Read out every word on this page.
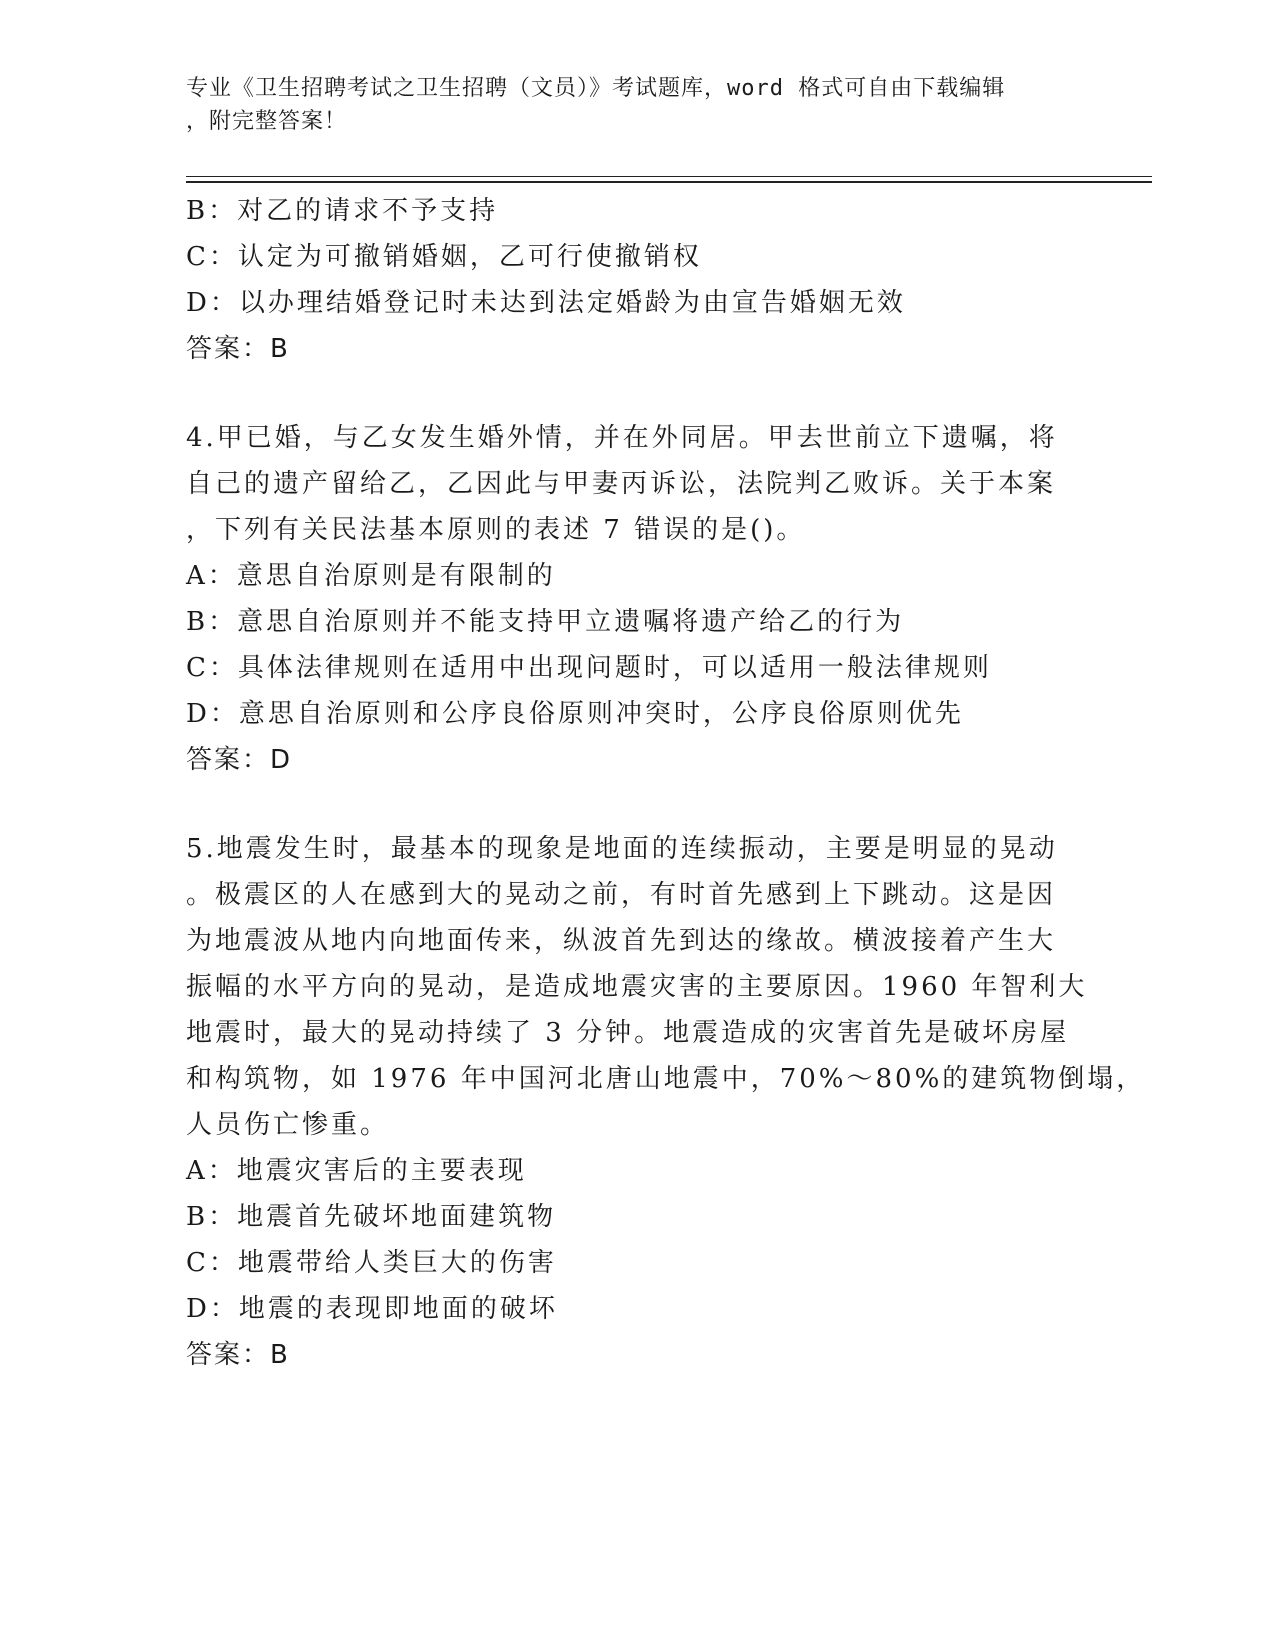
专业《卫生招聘考试之卫生招聘（文员）》考试题库，word 格式可自由下载编辑
，附完整答案！
B：对乙的请求不予支持
C：认定为可撤销婚姻，乙可行使撤销权
D：以办理结婚登记时未达到法定婚龄为由宣告婚姻无效
答案：B
4.甲已婚，与乙女发生婚外情，并在外同居。甲去世前立下遗嘱，将
自己的遗产留给乙，乙因此与甲妻丙诉讼，法院判乙败诉。关于本案
，下列有关民法基本原则的表述 7 错误的是()。
A：意思自治原则是有限制的
B：意思自治原则并不能支持甲立遗嘱将遗产给乙的行为
C：具体法律规则在适用中出现问题时，可以适用一般法律规则
D：意思自治原则和公序良俗原则冲突时，公序良俗原则优先
答案：D
5.地震发生时，最基本的现象是地面的连续振动，主要是明显的晃动
。极震区的人在感到大的晃动之前，有时首先感到上下跳动。这是因
为地震波从地内向地面传来，纵波首先到达的缘故。横波接着产生大
振幅的水平方向的晃动，是造成地震灾害的主要原因。1960 年智利大
地震时，最大的晃动持续了 3 分钟。地震造成的灾害首先是破坏房屋
和构筑物，如 1976 年中国河北唐山地震中，70%～80%的建筑物倒塌，
人员伤亡惨重。
A：地震灾害后的主要表现
B：地震首先破坏地面建筑物
C：地震带给人类巨大的伤害
D：地震的表现即地面的破坏
答案：B
